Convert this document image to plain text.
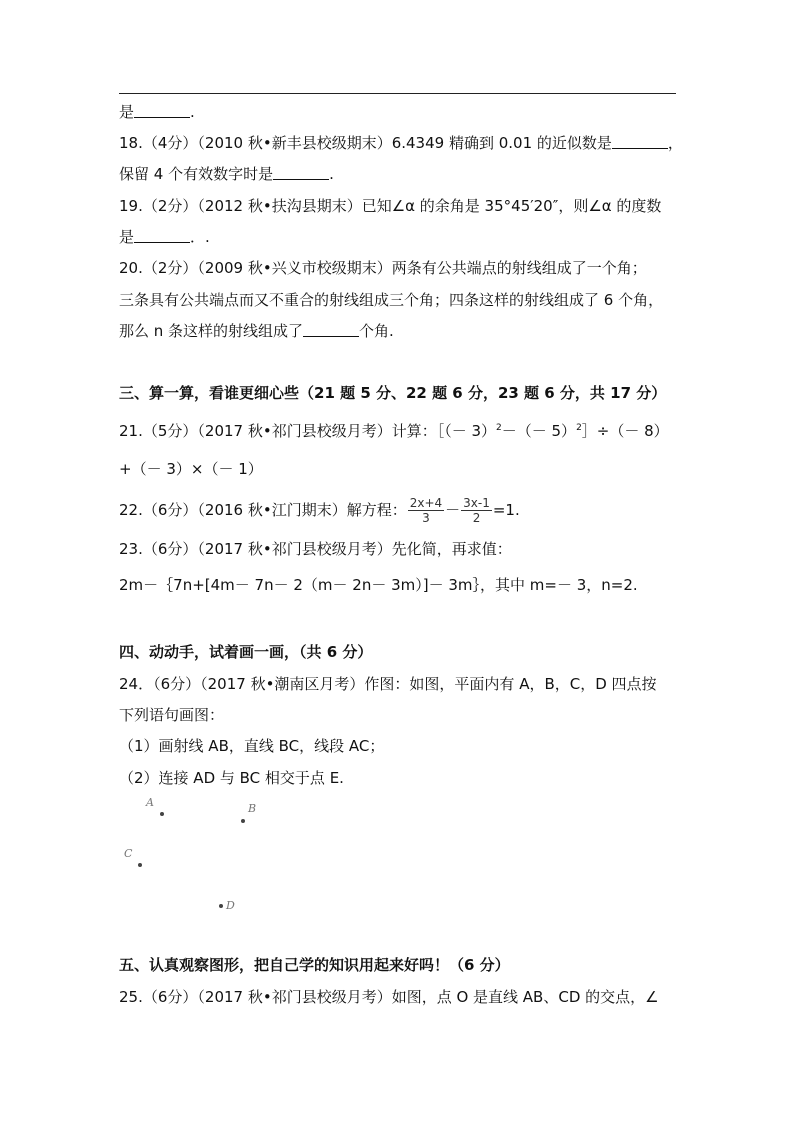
是	.
18.（4分）（2010 秋•新丰县校级期末）6.4349 精确到 0.01 的近似数是	，
保留 4 个有效数字时是	.
19.（2分）（2012 秋•扶沟县期末）已知∠α 的余角是 35°45′20″，则∠α 的度数
是	．.
20.（2分）（2009 秋•兴义市校级期末）两条有公共端点的射线组成了一个角；
三条具有公共端点而又不重合的射线组成三个角；四条这样的射线组成了 6 个角，
那么 n 条这样的射线组成了	个角.
三、算一算，看谁更细心些（21 题 5 分、22 题 6 分，23 题 6 分，共 17 分）
21.（5分）（2017 秋•祁门县校级月考）计算：［（－ $3)^2-(- 5)^2]\div(- 8)$
+（－ 3）×（－ 1）
22.（6分）（2016 秋•江门期末）解方程： $\frac{2x+4}{3} - \frac{3x-1}{2} =1$.
23.（6分）（2017 秋•祁门县校级月考）先化简，再求值：
2m－｛7n+[4m－ 7n－ 2（m－ 2n－ 3m）]－ 3m｝，其中 m=－ 3，n=2.
四、动动手，试着画一画，（共 6 分）
24．（6分）（2017 秋•潮南区月考）作图：如图，平面内有 A，B，C，D 四点按
下列语句画图：
（1）画射线 AB，直线 BC，线段 AC；
（2）连接 AD 与 BC 相交于点 E.
A	B
C
D
五、认真观察图形，把自己学的知识用起来好吗！（6 分）
25.（6分）（2017 秋•祁门县校级月考）如图，点 O 是直线 AB、CD 的交点，∠
